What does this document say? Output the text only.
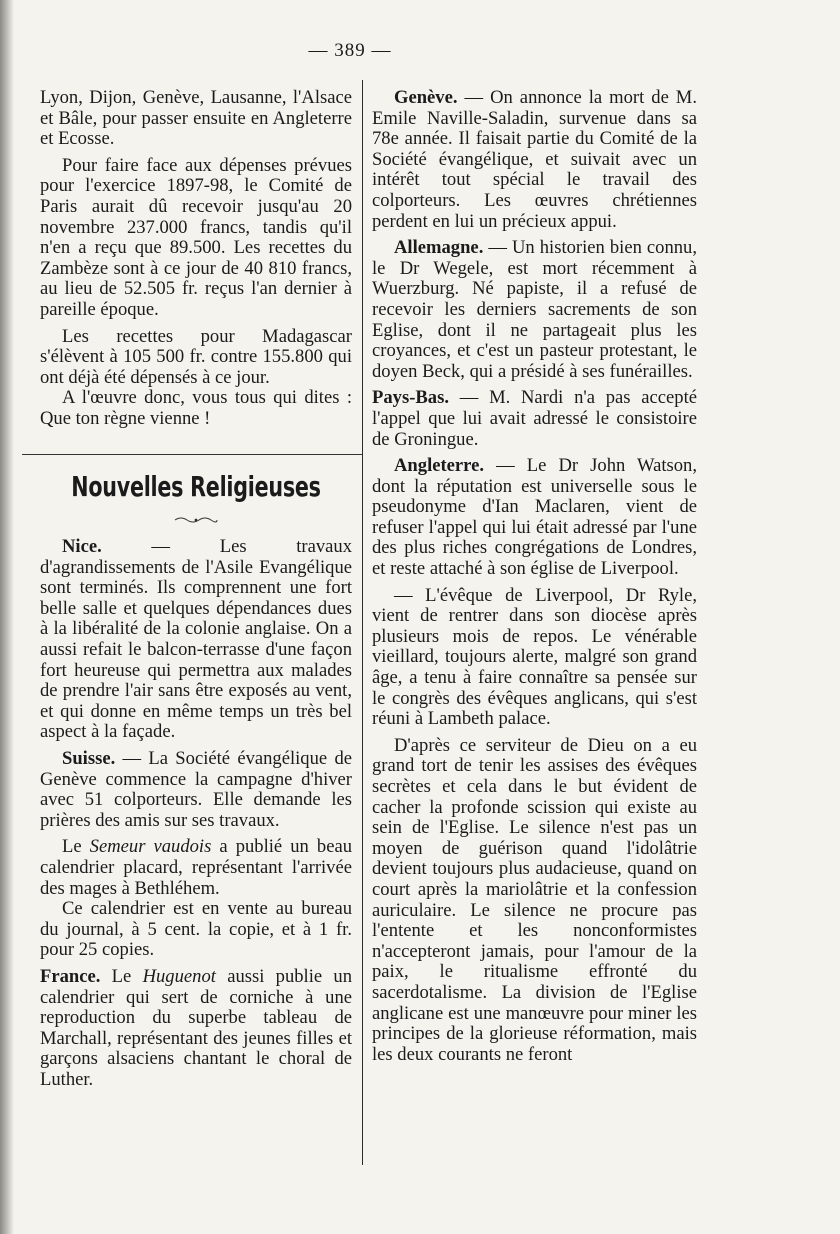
— 389 —

Lyon, Dijon, Genève, Lausanne, l'Alsace et Bâle, pour passer ensuite en Angleterre et Ecosse.

Pour faire face aux dépenses prévues pour l'exercice 1897-98, le Comité de Paris aurait dû recevoir jusqu'au 20 novembre 237.000 francs, tandis qu'il n'en a reçu que 89.500. Les recettes du Zambèze sont à ce jour de 40 810 francs, au lieu de 52.505 fr. reçus l'an dernier à pareille époque.

Les recettes pour Madagascar s'élèvent à 105 500 fr. contre 155.800 qui ont déjà été dépensés à ce jour.

A l'œuvre donc, vous tous qui dites : Que ton règne vienne !

Nouvelles Religieuses

Nice. — Les travaux d'agrandissements de l'Asile Evangélique sont terminés. Ils comprennent une fort belle salle et quelques dépendances dues à la libéralité de la colonie anglaise. On a aussi refait le balcon-terrasse d'une façon fort heureuse qui permettra aux malades de prendre l'air sans être exposés au vent, et qui donne en même temps un très bel aspect à la façade.

Suisse. — La Société évangélique de Genève commence la campagne d'hiver avec 51 colporteurs. Elle demande les prières des amis sur ses travaux.

Le Semeur vaudois a publié un beau calendrier placard, représentant l'arrivée des mages à Bethléhem.

Ce calendrier est en vente au bureau du journal, à 5 cent. la copie, et à 1 fr. pour 25 copies.

France. Le Huguenot aussi publie un calendrier qui sert de corniche à une reproduction du superbe tableau de Marchall, représentant des jeunes filles et garçons alsaciens chantant le choral de Luther.

Genève. — On annonce la mort de M. Emile Naville-Saladin, survenue dans sa 78e année. Il faisait partie du Comité de la Société évangélique, et suivait avec un intérêt tout spécial le travail des colporteurs. Les œuvres chrétiennes perdent en lui un précieux appui.

Allemagne. — Un historien bien connu, le Dr Wegele, est mort récemment à Wuerzburg. Né papiste, il a refusé de recevoir les derniers sacrements de son Eglise, dont il ne partageait plus les croyances, et c'est un pasteur protestant, le doyen Beck, qui a présidé à ses funérailles.

Pays-Bas. — M. Nardi n'a pas accepté l'appel que lui avait adressé le consistoire de Groningue.

Angleterre. — Le Dr John Watson, dont la réputation est universelle sous le pseudonyme d'Ian Maclaren, vient de refuser l'appel qui lui était adressé par l'une des plus riches congrégations de Londres, et reste attaché à son église de Liverpool.

— L'évêque de Liverpool, Dr Ryle, vient de rentrer dans son diocèse après plusieurs mois de repos. Le vénérable vieillard, toujours alerte, malgré son grand âge, a tenu à faire connaître sa pensée sur le congrès des évêques anglicans, qui s'est réuni à Lambeth palace.

D'après ce serviteur de Dieu on a eu grand tort de tenir les assises des évêques secrètes et cela dans le but évident de cacher la profonde scission qui existe au sein de l'Eglise. Le silence n'est pas un moyen de guérison quand l'idolâtrie devient toujours plus audacieuse, quand on court après la mariolâtrie et la confession auriculaire. Le silence ne procure pas l'entente et les nonconformistes n'accepteront jamais, pour l'amour de la paix, le ritualisme effronté du sacerdotalisme. La division de l'Eglise anglicane est une manœuvre pour miner les principes de la glorieuse réformation, mais les deux courants ne feront
